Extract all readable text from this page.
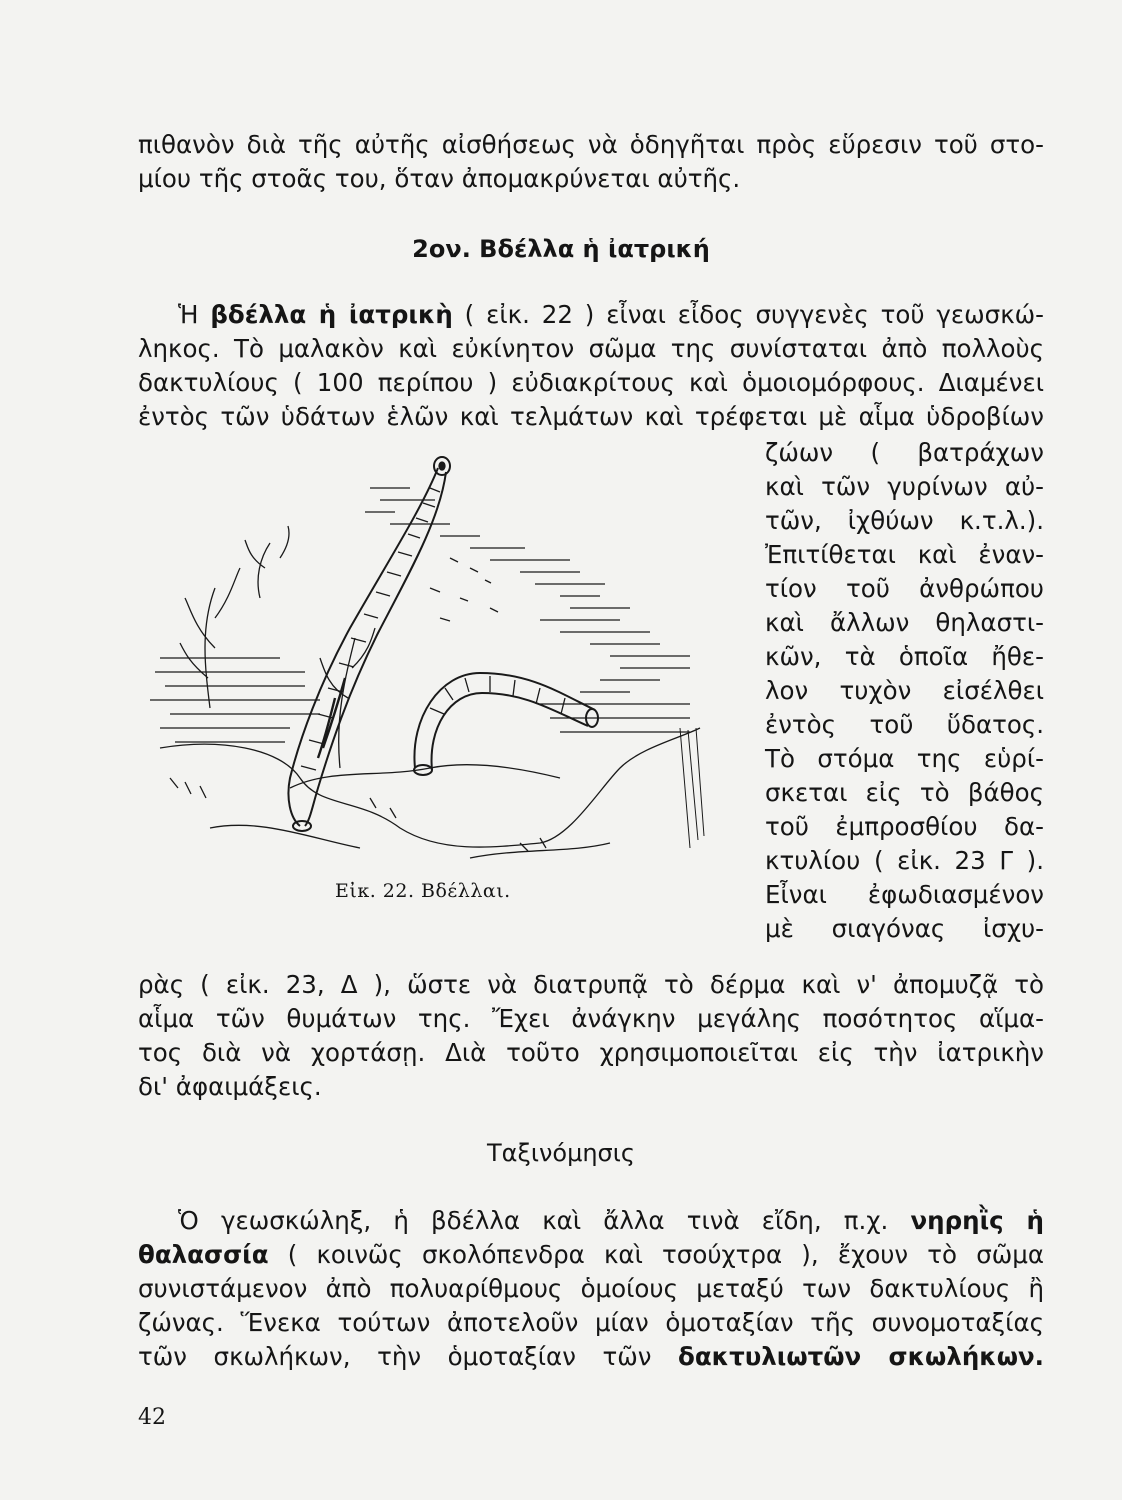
πιθανὸν διὰ τῆς αὐτῆς αἰσθήσεως νὰ ὁδηγῆται πρὸς εὕρεσιν τοῦ στο-
μίου τῆς στοᾶς του, ὅταν ἀπομακρύνεται αὐτῆς.
2ον. Βδέλλα ἡ ἰατρική
Ἡ βδέλλα ἡ ἰατρικὴ ( εἰκ. 22 ) εἶναι εἶδος συγγενὲς τοῦ γεωσκώ-
ληκος. Τὸ μαλακὸν καὶ εὐκίνητον σῶμα της συνίσταται ἀπὸ πολλοὺς
δακτυλίους ( 100 περίπου ) εὐδιακρίτους καὶ ὁμοιομόρφους. Διαμένει
ἐντὸς τῶν ὑδάτων ἑλῶν καὶ τελμάτων καὶ τρέφεται μὲ αἷμα ὑδροβίων
ζώων ( βατράχων
καὶ τῶν γυρίνων αὐ-
τῶν, ἰχθύων κ.τ.λ.).
Ἐπιτίθεται καὶ ἐναν-
τίον τοῦ ἀνθρώπου
καὶ ἄλλων θηλαστι-
κῶν, τὰ ὁποῖα ἤθε-
λον τυχὸν εἰσέλθει
ἐντὸς τοῦ ὕδατος.
Τὸ στόμα της εὑρί-
σκεται εἰς τὸ βάθος
τοῦ ἐμπροσθίου δα-
κτυλίου ( εἰκ. 23 Γ ).
Εἶναι ἐφωδιασμένον
μὲ σιαγόνας ἰσχυ-
Εἰκ. 22. Βδέλλαι.
ρὰς ( εἰκ. 23, Δ ), ὥστε νὰ διατρυπᾷ τὸ δέρμα καὶ ν' ἀπομυζᾷ τὸ
αἷμα τῶν θυμάτων της. Ἔχει ἀνάγκην μεγάλης ποσότητος αἵμα-
τος διὰ νὰ χορτάσῃ. Διὰ τοῦτο χρησιμοποιεῖται εἰς τὴν ἰατρικὴν
δι' ἀφαιμάξεις.
Ταξινόμησις
Ὁ γεωσκώληξ, ἡ βδέλλα καὶ ἄλλα τινὰ εἴδη, π.χ. νηρηῒς ἡ
θαλασσία ( κοινῶς σκολόπενδρα καὶ τσούχτρα ), ἔχουν τὸ σῶμα
συνιστάμενον ἀπὸ πολυαρίθμους ὁμοίους μεταξύ των δακτυλίους ἢ
ζώνας. Ἕνεκα τούτων ἀποτελοῦν μίαν ὁμοταξίαν τῆς συνομοταξίας
τῶν σκωλήκων, τὴν ὁμοταξίαν τῶν δακτυλιωτῶν σκωλήκων.
42
